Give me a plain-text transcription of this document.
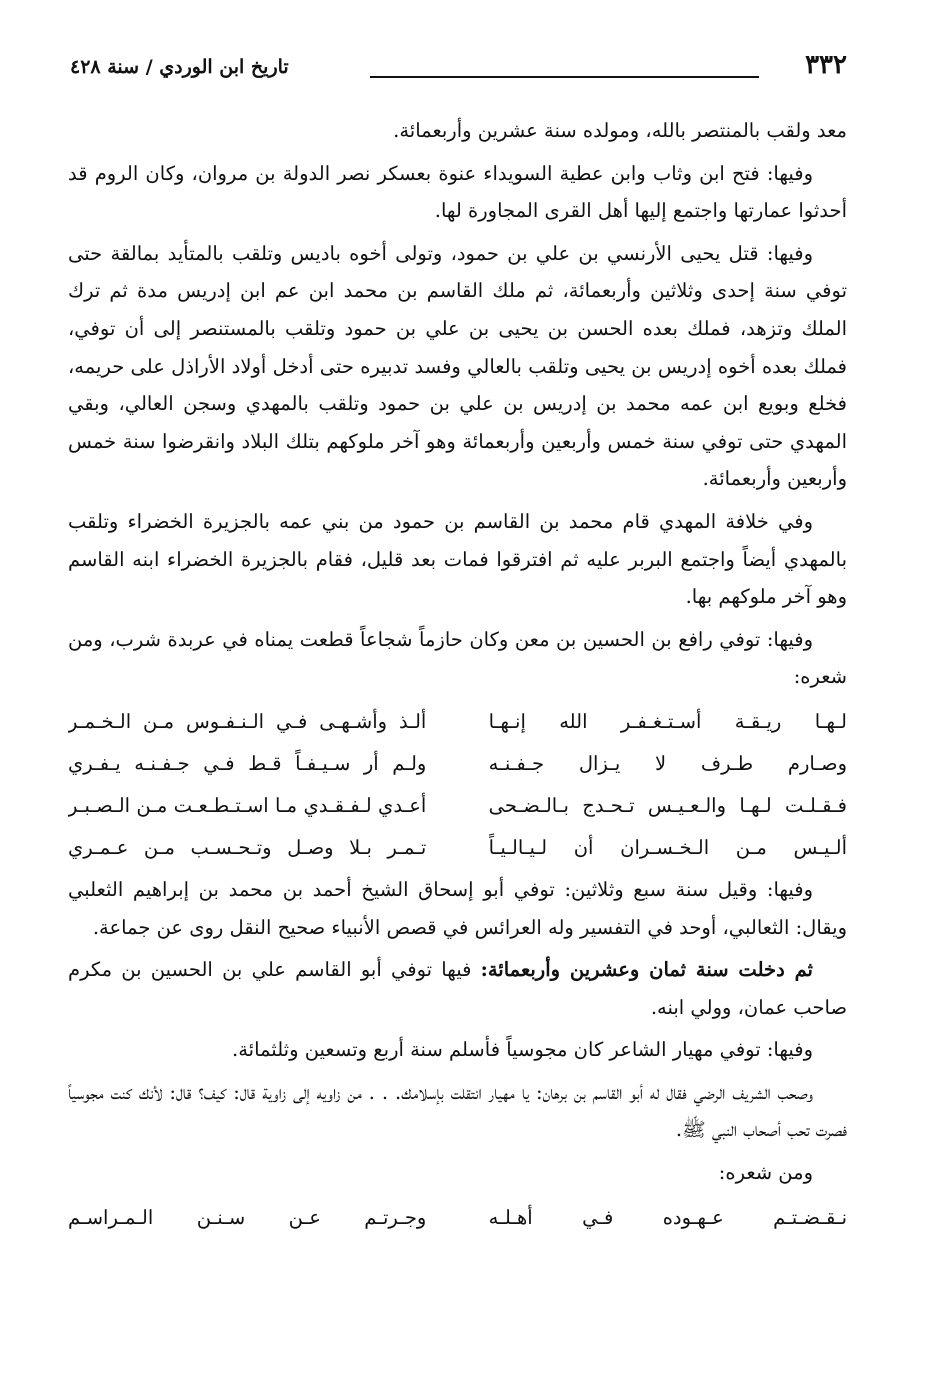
٣٣٢
تاريخ ابن الوردي / سنة ٤٢٨

معد ولقب بالمنتصر بالله، ومولده سنة عشرين وأربعمائة.

وفيها: فتح ابن وثاب وابن عطية السويداء عنوة بعسكر نصر الدولة بن مروان، وكان الروم قد أحدثوا عمارتها واجتمع إليها أهل القرى المجاورة لها.

وفيها: قتل يحيى الأرنسي بن علي بن حمود، وتولى أخوه باديس وتلقب بالمتأيد بمالقة حتى توفي سنة إحدى وثلاثين وأربعمائة، ثم ملك القاسم بن محمد ابن عم ابن إدريس مدة ثم ترك الملك وتزهد، فملك بعده الحسن بن يحيى بن علي بن حمود وتلقب بالمستنصر إلى أن توفي، فملك بعده أخوه إدريس بن يحيى وتلقب بالعالي وفسد تدبيره حتى أدخل أولاد الأراذل على حريمه، فخلع وبويع ابن عمه محمد بن إدريس بن علي بن حمود وتلقب بالمهدي وسجن العالي، وبقي المهدي حتى توفي سنة خمس وأربعين وأربعمائة وهو آخر ملوكهم بتلك البلاد وانقرضوا سنة خمس وأربعين وأربعمائة.

وفي خلافة المهدي قام محمد بن القاسم بن حمود من بني عمه بالجزيرة الخضراء وتلقب بالمهدي أيضاً واجتمع البربر عليه ثم افترقوا فمات بعد قليل، فقام بالجزيرة الخضراء ابنه القاسم وهو آخر ملوكهم بها.

وفيها: توفي رافع بن الحسين بن معن وكان حازماً شجاعاً قطعت يمناه في عربدة شرب، ومن شعره:

لـهـا ريـقـة أسـتـغـفـر الله إنـهـا
ألـذ وأشـهـى فـي الـنـفـوس مـن الـخـمـر
وصـارم طـرف لا يـزال جـفـنـه
ولـم أر سـيـفـاً قـط فـي جـفـنـه يـفـري
فـقـلـت لـهـا والـعـيـس تـحـدج بـالـضـحى
أعـدي لـفـقـدي مـا اسـتـطـعـت مـن الـصـبـر
ألـيـس مـن الـخـسـران أن لـيـالـيـاً
تـمـر بـلا وصـل وتـحـسـب مـن عـمـري

وفيها: وقيل سنة سبع وثلاثين: توفي أبو إسحاق الشيخ أحمد بن محمد بن إبراهيم الثعلبي ويقال: الثعالبي، أوحد في التفسير وله العرائس في قصص الأنبياء صحيح النقل روى عن جماعة.

ثم دخلت سنة ثمان وعشرين وأربعمائة: فيها توفي أبو القاسم علي بن الحسين بن مكرم صاحب عمان، وولي ابنه.

وفيها: توفي مهيار الشاعر كان مجوسياً فأسلم سنة أربع وتسعين وثلثمائة.

وصحب الشريف الرضي فقال له أبو القاسم بن برهان: يا مهيار انتقلت بإسلامك. . . من زاويه إلى زاوية قال: كيف؟ قال: لأنك كنت مجوسياً فصرت تحب أصحاب النبي ﷺ.

ومن شعره:

نـقـضـتـم عـهـوده فـي أهـلـه
وجـرتـم عـن سـنـن الـمـراسـم
